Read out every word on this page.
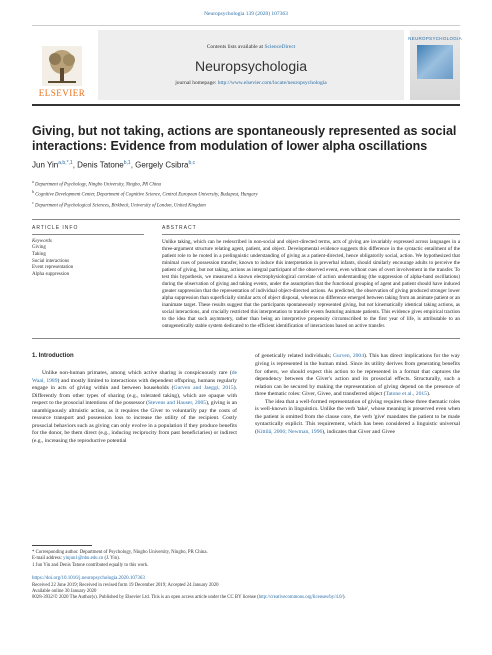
Neuropsychologia 139 (2020) 107363
ELSEVIER
Contents lists available at ScienceDirect
Neuropsychologia
journal homepage: http://www.elsevier.com/locate/neuropsychologia
NEUROPSYCHOLOGIA
Giving, but not taking, actions are spontaneously represented as social interactions: Evidence from modulation of lower alpha oscillations
Jun Yin$^{a,b,*,1}$, Denis Tatone$^{b,1}$, Gergely Csibra$^{b,c}$
$^a$ Department of Psychology, Ningbo University, Ningbo, PR China
$^b$ Cognitive Development Center, Department of Cognitive Science, Central European University, Budapest, Hungary
$^c$ Department of Psychological Sciences, Birkbeck, University of London, United Kingdom
ARTICLE INFO
Keywords
Giving
Taking
Social interactions
Event representation
Alpha suppression
ABSTRACT
Unlike taking, which can be redescribed in non-social and object-directed terms, acts of giving are invariably expressed across languages in a three-argument structure relating agent, patient, and object. Developmental evidence suggests this difference in the syntactic entailment of the patient role to be rooted in a prelinguistic understanding of giving as a patient-directed, hence obligatorily social, action. We hypothesized that minimal cues of possession transfer, known to induce this interpretation in preverbal infants, should similarly encourage adults to perceive the patient of giving, but not taking, actions as integral participant of the observed event, even without cues of overt involvement in the transfer. To test this hypothesis, we measured a known electrophysiological correlate of action understanding (the suppression of alpha-band oscillations) during the observation of giving and taking events, under the assumption that the functional grouping of agent and patient should have induced greater suppression that the representation of individual object-directed actions. As predicted, the observation of giving produced stronger lower alpha suppression than superficially similar acts of object disposal, whereas no difference emerged between taking from an animate patient or an inanimate target. These results suggest that the participants spontaneously represented giving, but not kinematically identical taking actions, as social interactions, and crucially restricted this interpretation to transfer events featuring animate patients. This evidence gives empirical traction to the idea that such asymmetry, rather than being an interpretive propensity circumscribed to the first year of life, is attributable to an ontogenetically stable system dedicated to the efficient identification of interactions based on active transfer.
1. Introduction

Unlike non-human primates, among which active sharing is conspicuously rare (de Waal, 1989) and mostly limited to interactions with dependent offspring, humans regularly engage in acts of giving within and between households (Gurven and Jaeggi, 2015). Differently from other types of sharing (e.g., tolerated taking), which are opaque with respect to the prosocial intentions of the possessor (Stevens and Hauser, 2005), giving is an unambiguously altruistic action, as it requires the Giver to voluntarily pay the costs of resource transport and possession loss to increase the utility of the recipient. Costly prosocial behaviors such as giving can only evolve in a population if they produce benefits for the donor, be them direct (e.g., inducing reciprocity from past beneficiaries) or indirect (e.g., increasing the reproductive potential

of genetically related individuals; Gurven, 2004). This has direct implications for the way giving is represented in the human mind. Since its utility derives from generating benefits for others, we should expect this action to be represented in a format that captures the dependency between the Giver's action and its prosocial effects. Structurally, such a relation can be secured by making the representation of giving depend on the presence of three thematic roles: Giver, Givee, and transferred object (Tatone et al., 2015).

The idea that a well-formed representation of giving requires these three thematic roles is well-known in linguistics. Unlike the verb 'take', whose meaning is preserved even when the patient is omitted from the clause core, the verb 'give' mandates the patient to be made syntactically explicit. This requirement, which has been considered a linguistic universal (Kittilä, 2006; Newman, 1996), indicates that Giver and Givee

* Corresponding author. Department of Psychology, Ningbo University, Ningbo, PR China.
E-mail address: yinjun1@nbu.edu.cn (J. Yin).
1 Jun Yin and Denis Tatone contributed equally to this work.
https://doi.org/10.1016/j.neuropsychologia.2020.107363
Received 22 June 2019; Received in revised form 19 December 2019; Accepted 24 January 2020
Available online 30 January 2020
0028-3932/© 2020 The Author(s). Published by Elsevier Ltd. This is an open access article under the CC BY license (http://creativecommons.org/licenses/by/4.0/).
